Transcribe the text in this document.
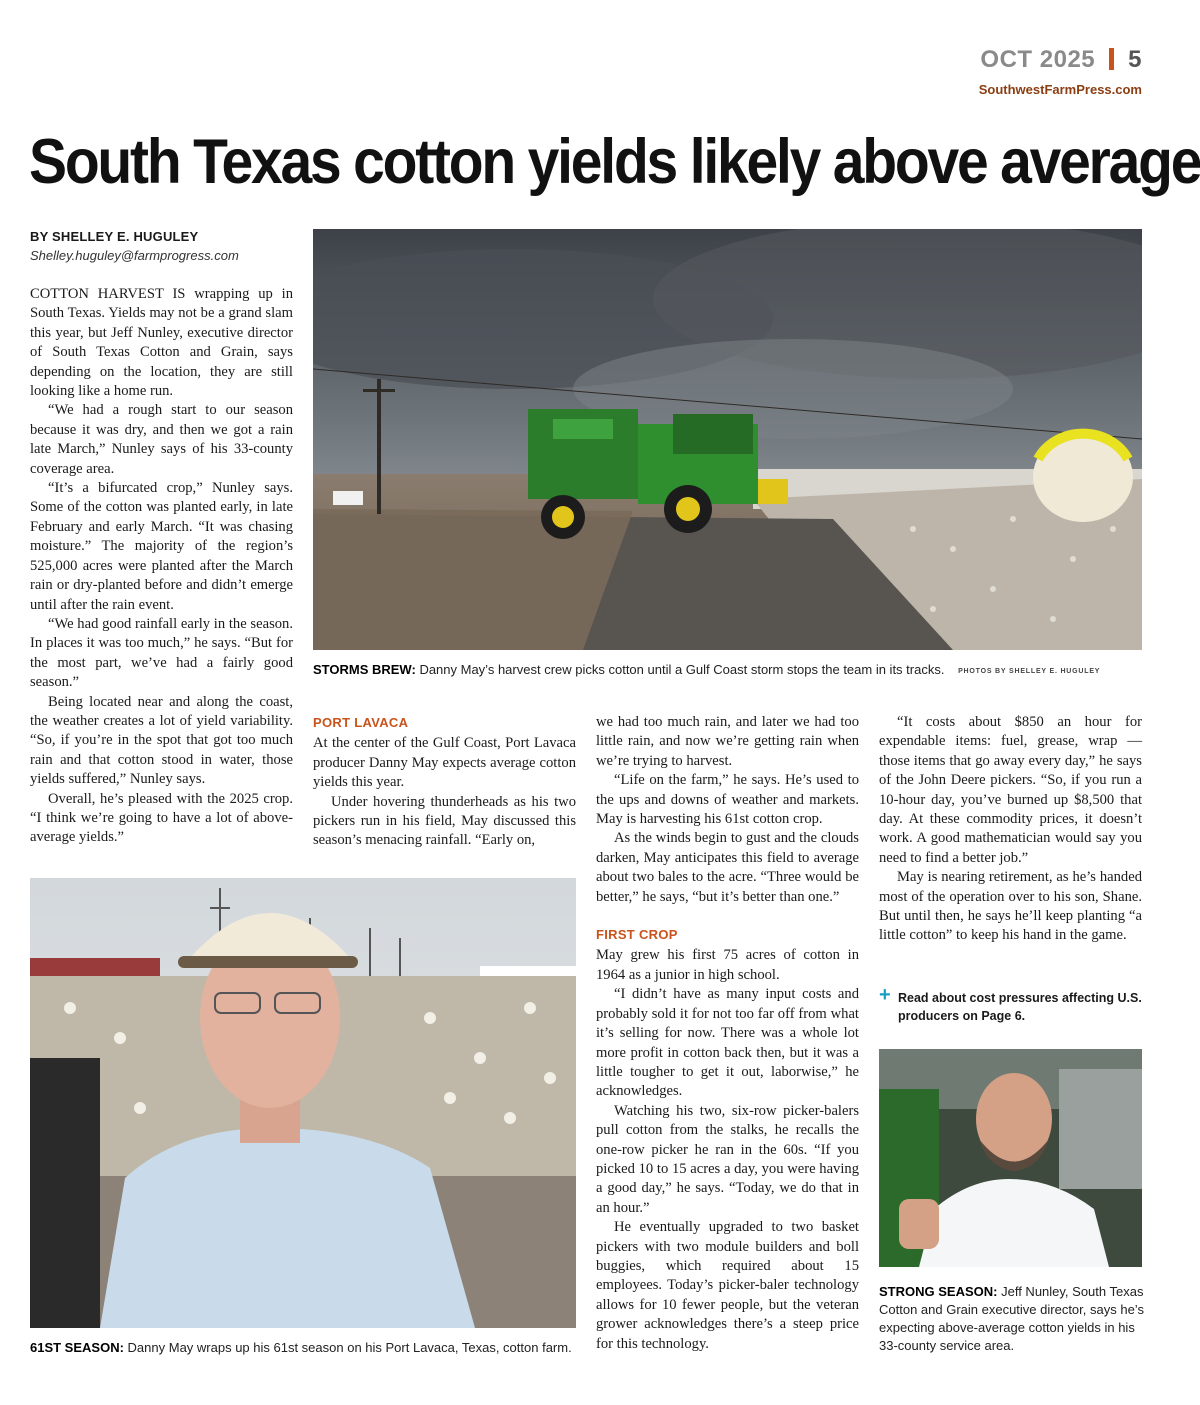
OCT 2025 5
SouthwestFarmPress.com
South Texas cotton yields likely above average
BY SHELLEY E. HUGULEY
Shelley.huguley@farmprogress.com

COTTON HARVEST IS wrapping up in South Texas. Yields may not be a grand slam this year, but Jeff Nunley, executive director of South Texas Cotton and Grain, says depending on the location, they are still looking like a home run.

“We had a rough start to our season because it was dry, and then we got a rain late March,” Nunley says of his 33-county coverage area.

“It’s a bifurcated crop,” Nunley says. Some of the cotton was planted early, in late February and early March. “It was chasing moisture.” The majority of the region’s 525,000 acres were planted after the March rain or dry-planted before and didn’t emerge until after the rain event.

“We had good rainfall early in the season. In places it was too much,” he says. “But for the most part, we’ve had a fairly good season.”

Being located near and along the coast, the weather creates a lot of yield variability. “So, if you’re in the spot that got too much rain and that cotton stood in water, those yields suffered,” Nunley says.

Overall, he’s pleased with the 2025 crop. “I think we’re going to have a lot of above-average yields.”

PORT LAVACA

At the center of the Gulf Coast, Port Lavaca producer Danny May expects average cotton yields this year.

Under hovering thunderheads as his two pickers run in his field, May discussed this season’s menacing rainfall. “Early on,

we had too much rain, and later we had too little rain, and now we’re getting rain when we’re trying to harvest.

“Life on the farm,” he says. He’s used to the ups and downs of weather and markets. May is harvesting his 61st cotton crop.

As the winds begin to gust and the clouds darken, May anticipates this field to average about two bales to the acre. “Three would be better,” he says, “but it’s better than one.”

FIRST CROP

May grew his first 75 acres of cotton in 1964 as a junior in high school.

“I didn’t have as many input costs and probably sold it for not too far off from what it’s selling for now. There was a whole lot more profit in cotton back then, but it was a little tougher to get it out, laborwise,” he acknowledges.

Watching his two, six-row picker-balers pull cotton from the stalks, he recalls the one-row picker he ran in the 60s. “If you picked 10 to 15 acres a day, you were having a good day,” he says. “Today, we do that in an hour.”

He eventually upgraded to two basket pickers with two module builders and boll buggies, which required about 15 employees. Today’s picker-baler technology allows for 10 fewer people, but the veteran grower acknowledges there’s a steep price for this technology.

“It costs about $850 an hour for expendable items: fuel, grease, wrap — those items that go away every day,” he says of the John Deere pickers. “So, if you run a 10-hour day, you’ve burned up $8,500 that day. At these commodity prices, it doesn’t work. A good mathematician would say you need to find a better job.”

May is nearing retirement, as he’s handed most of the operation over to his son, Shane. But until then, he says he’ll keep planting “a little cotton” to keep his hand in the game.

+ Read about cost pressures affecting U.S. producers on Page 6.
STORMS BREW: Danny May’s harvest crew picks cotton until a Gulf Coast storm stops the team in its tracks. PHOTOS BY SHELLEY E. HUGULEY
61ST SEASON: Danny May wraps up his 61st season on his Port Lavaca, Texas, cotton farm.
STRONG SEASON: Jeff Nunley, South Texas Cotton and Grain executive director, says he’s expecting above-average cotton yields in his 33-county service area.
